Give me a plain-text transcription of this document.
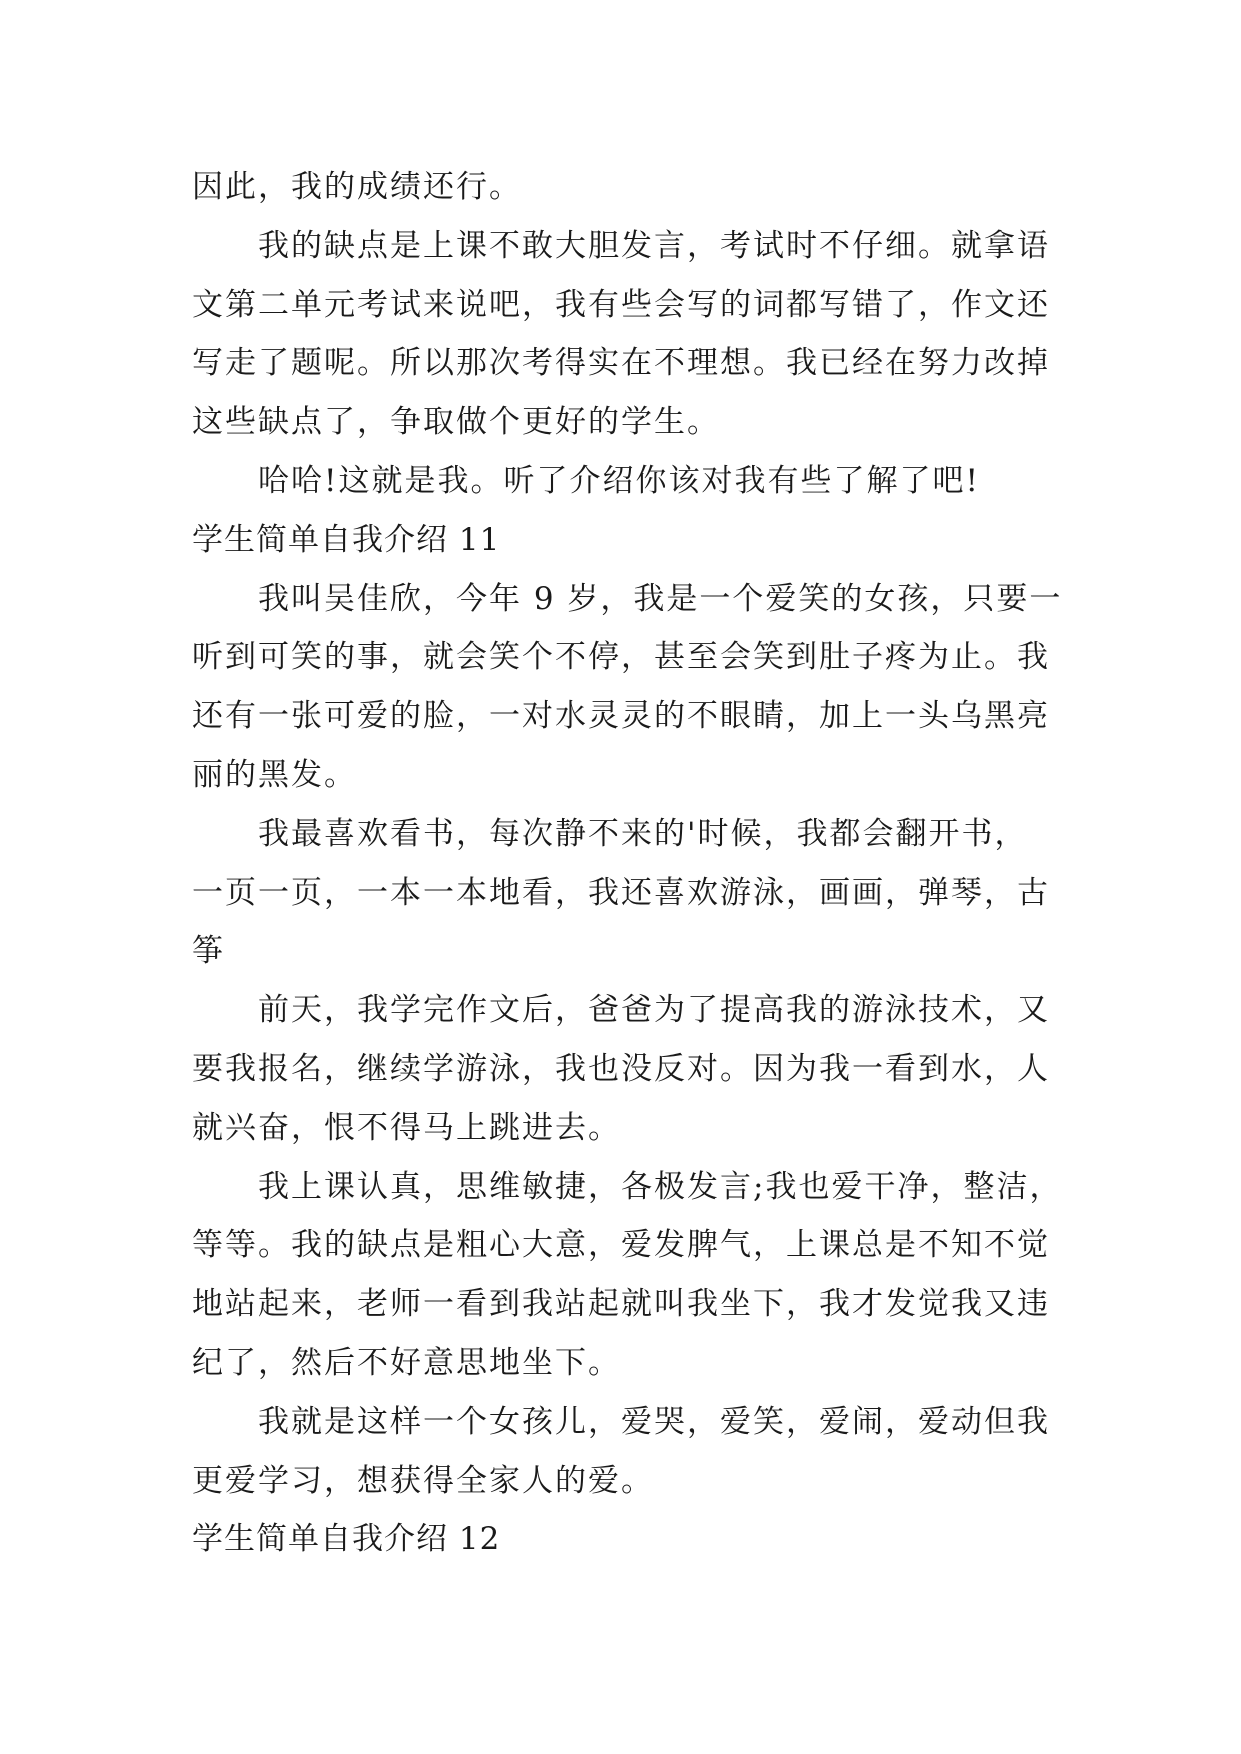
因此，我的成绩还行。
我的缺点是上课不敢大胆发言，考试时不仔细。就拿语
文第二单元考试来说吧，我有些会写的词都写错了，作文还
写走了题呢。所以那次考得实在不理想。我已经在努力改掉
这些缺点了，争取做个更好的学生。
哈哈!这就是我。听了介绍你该对我有些了解了吧!
学生简单自我介绍 11
我叫吴佳欣，今年 9 岁，我是一个爱笑的女孩，只要一
听到可笑的事，就会笑个不停，甚至会笑到肚子疼为止。我
还有一张可爱的脸，一对水灵灵的不眼睛，加上一头乌黑亮
丽的黑发。
我最喜欢看书，每次静不来的'时候，我都会翻开书，
一页一页，一本一本地看，我还喜欢游泳，画画，弹琴，古
筝
前天，我学完作文后，爸爸为了提高我的游泳技术，又
要我报名，继续学游泳，我也没反对。因为我一看到水，人
就兴奋，恨不得马上跳进去。
我上课认真，思维敏捷，各极发言;我也爱干净，整洁，
等等。我的缺点是粗心大意，爱发脾气，上课总是不知不觉
地站起来，老师一看到我站起就叫我坐下，我才发觉我又违
纪了，然后不好意思地坐下。
我就是这样一个女孩儿，爱哭，爱笑，爱闹，爱动但我
更爱学习，想获得全家人的爱。
学生简单自我介绍 12
